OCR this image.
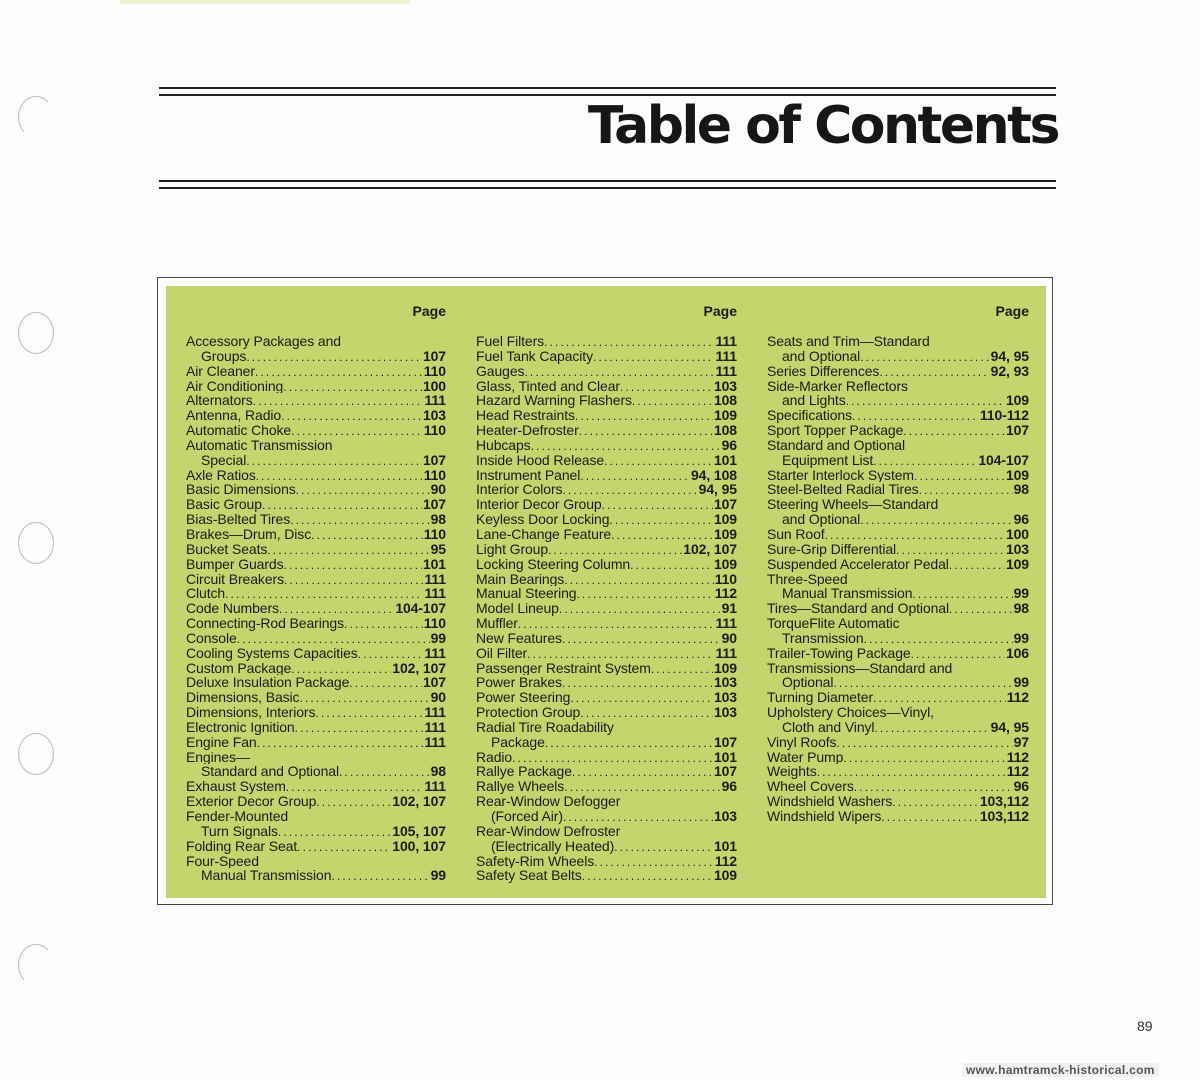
Table of Contents
Page
Accessory Packages and
Groups . . .	107
Air Cleaner . . .	110
Air Conditioning . . .	100
Alternators . . .	111
Antenna, Radio . . .	103
Automatic Choke . . .	110
Automatic Transmission
Special . . .	107
Axle Ratios . . .	110
Basic Dimensions . . .	90
Basic Group . . .	107
Bias-Belted Tires . . .	98
Brakes—Drum, Disc . . .	110
Bucket Seats . . .	95
Bumper Guards . . .	101
Circuit Breakers . . .	111
Clutch . . .	111
Code Numbers . . .	104-107
Connecting-Rod Bearings . . .	110
Console . . .	99
Cooling Systems Capacities . . .	111
Custom Package . . .	102, 107
Deluxe Insulation Package . . .	107
Dimensions, Basic . . .	90
Dimensions, Interiors . . .	111
Electronic Ignition . . .	111
Engine Fan . . .	111
Engines—
Standard and Optional . . .	98
Exhaust System . . .	111
Exterior Decor Group . . .	102, 107
Fender-Mounted
Turn Signals . . .	105, 107
Folding Rear Seat . . .	100, 107
Four-Speed
Manual Transmission . . .	99
Page
Fuel Filters . . .	111
Fuel Tank Capacity . . .	111
Gauges . . .	111
Glass, Tinted and Clear . . .	103
Hazard Warning Flashers . . .	108
Head Restraints . . .	109
Heater-Defroster . . .	108
Hubcaps . . .	96
Inside Hood Release . . .	101
Instrument Panel . . .	94, 108
Interior Colors . . .	94, 95
Interior Decor Group . . .	107
Keyless Door Locking . . .	109
Lane-Change Feature . . .	109
Light Group . . .	102, 107
Locking Steering Column . . .	109
Main Bearings . . .	110
Manual Steering . . .	112
Model Lineup . . .	91
Muffler . . .	111
New Features . . .	90
Oil Filter . . .	111
Passenger Restraint System . . .	109
Power Brakes . . .	103
Power Steering . . .	103
Protection Group . . .	103
Radial Tire Roadability
Package . . .	107
Radio . . .	101
Rallye Package . . .	107
Rallye Wheels . . .	96
Rear-Window Defogger
(Forced Air) . . .	103
Rear-Window Defroster
(Electrically Heated) . . .	101
Safety-Rim Wheels . . .	112
Safety Seat Belts . . .	109
Page
Seats and Trim—Standard
and Optional . . .	94, 95
Series Differences . . .	92, 93
Side-Marker Reflectors
and Lights . . .	109
Specifications . . .	110-112
Sport Topper Package . . .	107
Standard and Optional
Equipment List . . .	104-107
Starter Interlock System . . .	109
Steel-Belted Radial Tires . . .	98
Steering Wheels—Standard
and Optional . . .	96
Sun Roof . . .	100
Sure-Grip Differential . . .	103
Suspended Accelerator Pedal . . .	109
Three-Speed
Manual Transmission . . .	99
Tires—Standard and Optional . . .	98
TorqueFlite Automatic
Transmission . . .	99
Trailer-Towing Package . . .	106
Transmissions—Standard and
Optional . . .	99
Turning Diameter . . .	112
Upholstery Choices—Vinyl,
Cloth and Vinyl . . .	94, 95
Vinyl Roofs . . .	97
Water Pump . . .	112
Weights . . .	112
Wheel Covers . . .	96
Windshield Washers . . .	103,112
Windshield Wipers . . .	103,112
89
www.hamtramck-historical.com
